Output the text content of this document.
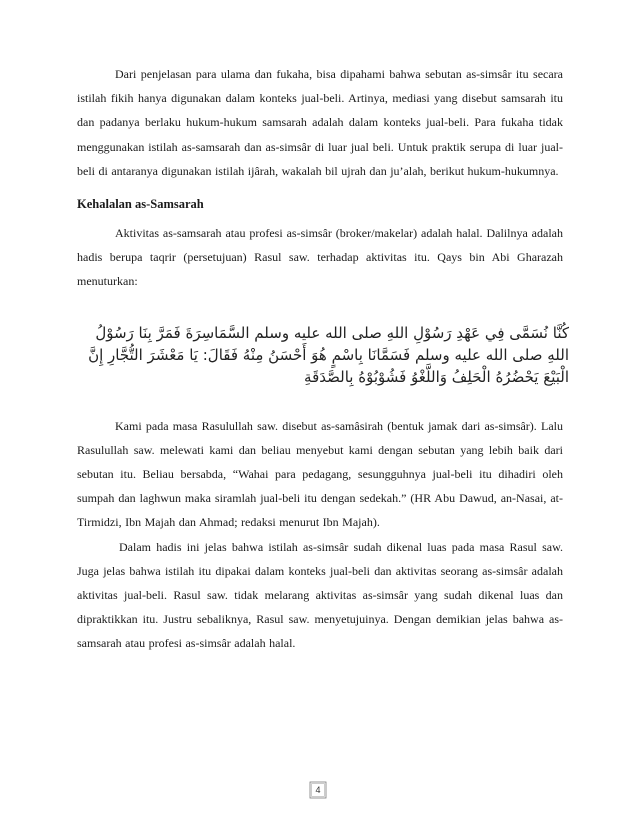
Dari penjelasan para ulama dan fukaha, bisa dipahami bahwa sebutan as-simsâr itu secara istilah fikih hanya digunakan dalam konteks jual-beli. Artinya, mediasi yang disebut samsarah itu dan padanya berlaku hukum-hukum samsarah adalah dalam konteks jual-beli. Para fukaha tidak menggunakan istilah as-samsarah dan as-simsâr di luar jual beli. Untuk praktik serupa di luar jual-beli di antaranya digunakan istilah ijârah, wakalah bil ujrah dan ju’alah, berikut hukum-hukumnya.

Kehalalan as-Samsarah

Aktivitas as-samsarah atau profesi as-simsâr (broker/makelar) adalah halal. Dalilnya adalah hadis berupa taqrir (persetujuan) Rasul saw. terhadap aktivitas itu. Qays bin Abi Gharazah menuturkan:

كُنَّا نُسَمَّى فِي عَهْدِ رَسُوْلِ اللهِ صلى الله عليه وسلم السَّمَاسِرَةَ فَمَرَّ بِنَا رَسُوْلُ اللهِ صلى الله عليه وسلم فَسَمَّانَا بِاسْمٍ هُوَ أَحْسَنُ مِنْهُ فَقَالَ: يَا مَعْشَرَ التُّجَّارِ إِنَّ الْبَيْعَ يَحْضُرُهُ الْحَلِفُ وَاللَّغْوُ فَشُوْبُوْهُ بِالصَّدَقَةِ

Kami pada masa Rasulullah saw. disebut as-samâsirah (bentuk jamak dari as-simsâr). Lalu Rasulullah saw. melewati kami dan beliau menyebut kami dengan sebutan yang lebih baik dari sebutan itu. Beliau bersabda, “Wahai para pedagang, sesungguhnya jual-beli itu dihadiri oleh sumpah dan laghwun maka siramlah jual-beli itu dengan sedekah.” (HR Abu Dawud, an-Nasai, at-Tirmidzi, Ibn Majah dan Ahmad; redaksi menurut Ibn Majah).

Dalam hadis ini jelas bahwa istilah as-simsâr sudah dikenal luas pada masa Rasul saw. Juga jelas bahwa istilah itu dipakai dalam konteks jual-beli dan aktivitas seorang as-simsâr adalah aktivitas jual-beli. Rasul saw. tidak melarang aktivitas as-simsâr yang sudah dikenal luas dan dipraktikkan itu. Justru sebaliknya, Rasul saw. menyetujuinya. Dengan demikian jelas bahwa as-samsarah atau profesi as-simsâr adalah halal.

4
